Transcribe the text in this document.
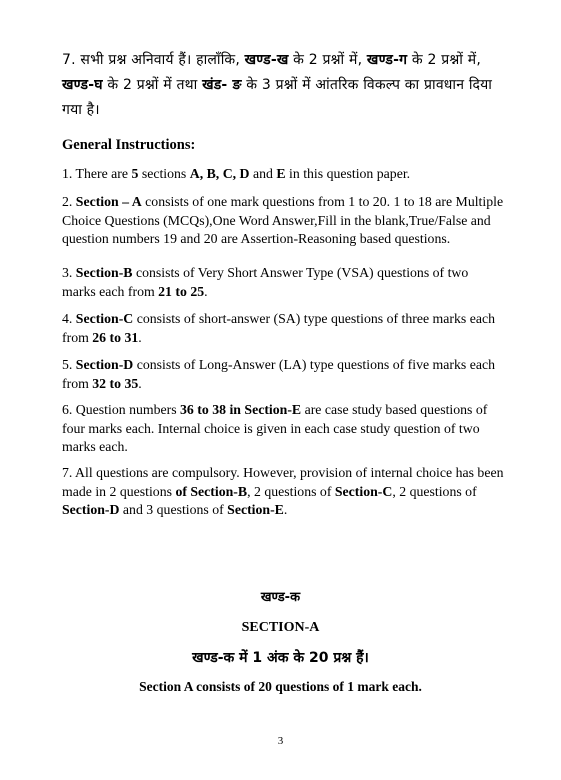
7. सभी प्रश्न अनिवार्य हैं। हालाँकि, खण्ड-ख के 2 प्रश्नों में, खण्ड-ग के 2 प्रश्नों में, खण्ड-घ के 2 प्रश्नों में तथा खंड- ङ के 3 प्रश्नों में आंतरिक विकल्प का प्रावधान दिया गया है।
General Instructions:
1. There are 5 sections A, B, C, D and E in this question paper.
2. Section – A consists of one mark questions from 1 to 20. 1 to 18 are Multiple Choice Questions (MCQs),One Word Answer,Fill in the blank,True/False and question numbers 19 and 20 are Assertion-Reasoning based questions.
3. Section-B consists of Very Short Answer Type (VSA) questions of two marks each from 21 to 25.
4. Section-C consists of short-answer (SA) type questions of three marks each from 26 to 31.
5. Section-D consists of Long-Answer (LA) type questions of five marks each from 32 to 35.
6. Question numbers 36 to 38 in Section-E are case study based questions of four marks each. Internal choice is given in each case study question of two marks each.
7. All questions are compulsory. However, provision of internal choice has been made in 2 questions of Section-B, 2 questions of Section-C, 2 questions of Section-D and 3 questions of Section-E.
खण्ड-क
SECTION-A
खण्ड-क में 1 अंक के 20 प्रश्न हैं।
Section A consists of 20 questions of 1 mark each.
3
